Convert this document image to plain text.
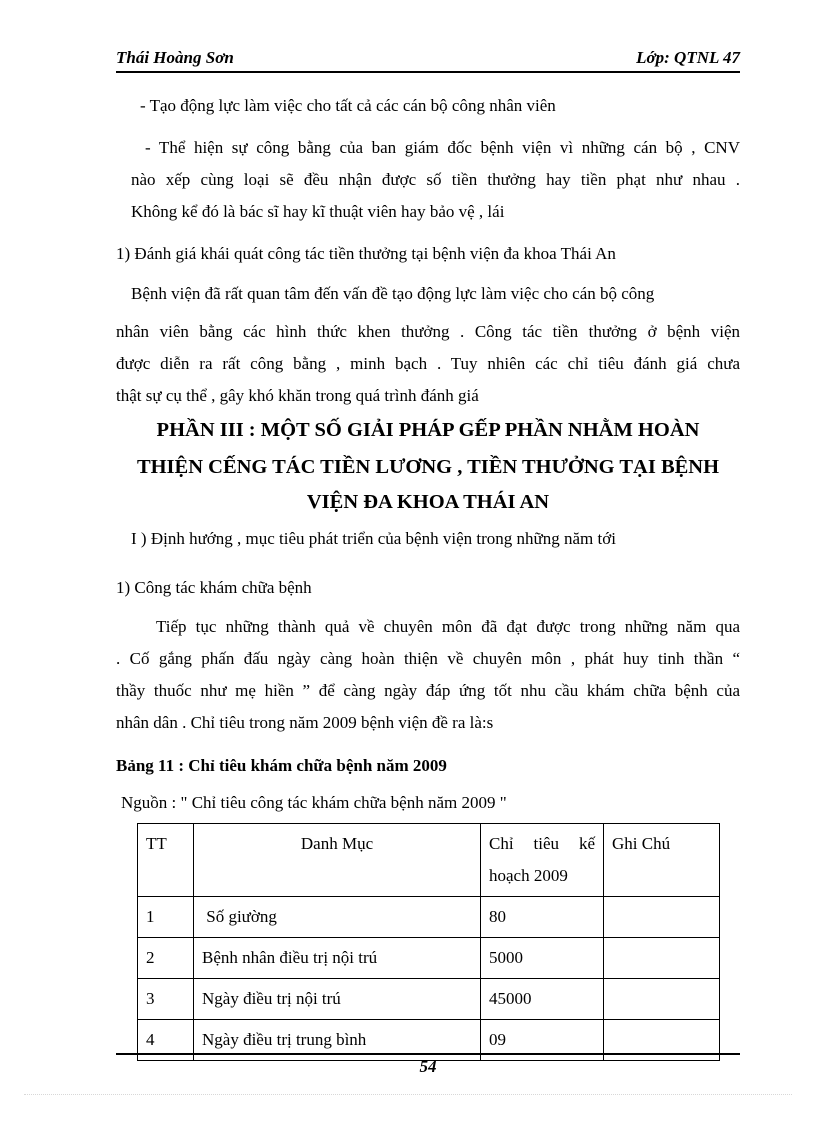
Thái Hoàng Sơn	Lớp: QTNL 47
- Tạo động lực làm việc cho tất cả các cán bộ công nhân viên
- Thể hiện sự công bằng của ban giám đốc bệnh viện vì những cán bộ , CNV
nào xếp cùng loại sẽ đều nhận được số tiền thưởng hay tiền phạt như nhau .
Không kể đó là bác sĩ hay kĩ thuật viên hay bảo vệ , lái
1) Đánh giá khái quát công tác tiền thưởng tại bệnh viện đa khoa Thái An
Bệnh viện đã rất quan tâm đến vấn đề tạo động lực làm việc cho cán bộ công
nhân viên bằng các hình thức khen thưởng . Công tác tiền thưởng ở bệnh viện
được diễn ra rất công bằng , minh bạch . Tuy nhiên các chỉ tiêu đánh giá chưa
thật sự cụ thể , gây khó khăn trong quá trình đánh giá
PHẦN III : MỘT SỐ GIẢI PHÁP GẾP PHẦN NHẰM HOÀN
THIỆN CẾNG TÁC TIỀN LƯƠNG , TIỀN THƯỞNG TẠI BỆNH
VIỆN ĐA KHOA THÁI AN
I ) Định hướng , mục tiêu phát triển của bệnh viện trong những năm tới
1) Công tác khám chữa bệnh
Tiếp tục những thành quả về chuyên môn đã đạt được trong những năm qua
. Cố gắng phấn đấu ngày càng hoàn thiện về chuyên môn , phát huy tinh thần “
thầy thuốc như mẹ hiền ” để càng ngày đáp ứng tốt nhu cầu khám chữa bệnh của
nhân dân . Chỉ tiêu trong năm 2009 bệnh viện đề ra là:s
Bảng 11 : Chỉ tiêu khám chữa bệnh năm 2009
Nguồn : " Chỉ tiêu công tác khám chữa bệnh năm 2009 "
TT	Danh Mục	Chỉ tiêu kế hoạch 2009	Ghi Chú
1	Số giường	80	
2	Bệnh nhân điều trị nội trú	5000	
3	Ngày điều trị nội trú	45000	
4	Ngày điều trị trung bình	09	
54
